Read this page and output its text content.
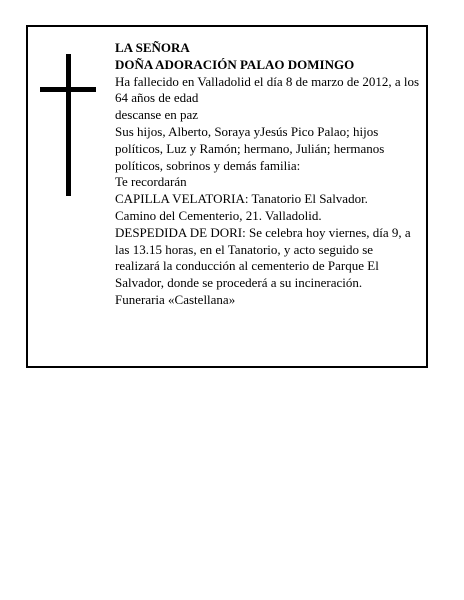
LA SEÑORA

DOÑA ADORACIÓN PALAO DOMINGO

Ha fallecido en Valladolid el día 8 de marzo de 2012, a los 64 años de edad

descanse en paz

Sus hijos, Alberto, Soraya yJesús Pico Palao; hijos políticos, Luz y Ramón; hermano, Julián; hermanos políticos, sobrinos y demás familia:

Te recordarán

CAPILLA VELATORIA: Tanatorio El Salvador.

Camino del Cementerio, 21. Valladolid.

DESPEDIDA DE DORI: Se celebra hoy viernes, día 9, a las 13.15 horas, en el Tanatorio, y acto seguido se realizará la conducción al cementerio de Parque El Salvador, donde se procederá a su incineración.

Funeraria «Castellana»
